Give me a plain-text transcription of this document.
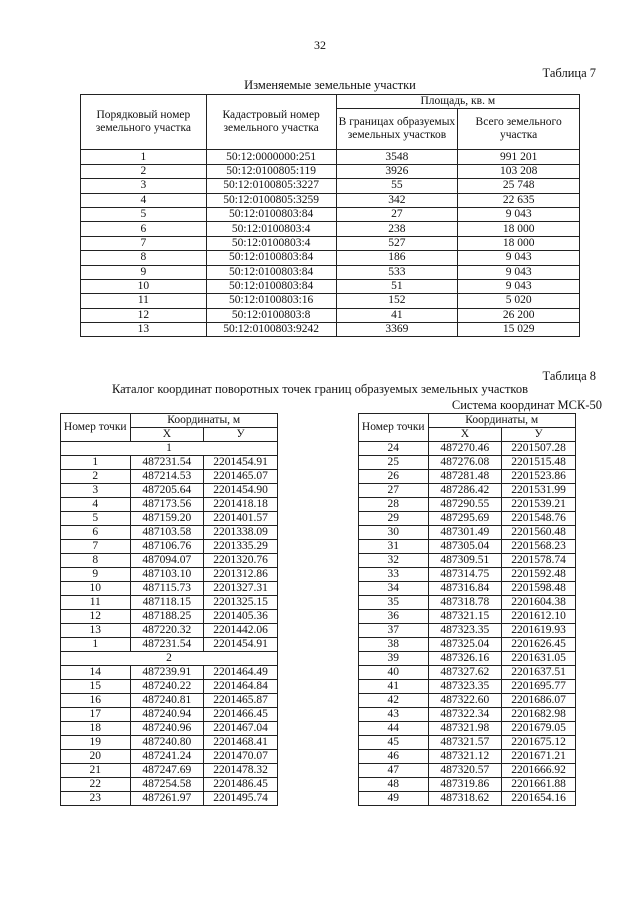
32
Таблица 7
Изменяемые земельные участки
Порядковый номер земельного участка	Кадастровый номер земельного участка	Площадь, кв. м	
		В границах образуемых земельных участков	Всего земельного участка
1	50:12:0000000:251	3548	991 201
2	50:12:0100805:119	3926	103 208
3	50:12:0100805:3227	55	25 748
4	50:12:0100805:3259	342	22 635
5	50:12:0100803:84	27	9 043
6	50:12:0100803:4	238	18 000
7	50:12:0100803:4	527	18 000
8	50:12:0100803:84	186	9 043
9	50:12:0100803:84	533	9 043
10	50:12:0100803:84	51	9 043
11	50:12:0100803:16	152	5 020
12	50:12:0100803:8	41	26 200
13	50:12:0100803:9242	3369	15 029
Таблица 8
Каталог координат поворотных точек границ образуемых земельных участков
Система координат МСК-50
Номер точки	Координаты, м	
	X	У
1		
1	487231.54	2201454.91
2	487214.53	2201465.07
3	487205.64	2201454.90
4	487173.56	2201418.18
5	487159.20	2201401.57
6	487103.58	2201338.09
7	487106.76	2201335.29
8	487094.07	2201320.76
9	487103.10	2201312.86
10	487115.73	2201327.31
11	487118.15	2201325.15
12	487188.25	2201405.36
13	487220.32	2201442.06
1	487231.54	2201454.91
2		
14	487239.91	2201464.49
15	487240.22	2201464.84
16	487240.81	2201465.87
17	487240.94	2201466.45
18	487240.96	2201467.04
19	487240.80	2201468.41
20	487241.24	2201470.07
21	487247.69	2201478.32
22	487254.58	2201486.45
23	487261.97	2201495.74
Номер точки	Координаты, м	
	X	У
24	487270.46	2201507.28
25	487276.08	2201515.48
26	487281.48	2201523.86
27	487286.42	2201531.99
28	487290.55	2201539.21
29	487295.69	2201548.76
30	487301.49	2201560.48
31	487305.04	2201568.23
32	487309.51	2201578.74
33	487314.75	2201592.48
34	487316.84	2201598.48
35	487318.78	2201604.38
36	487321.15	2201612.10
37	487323.35	2201619.93
38	487325.04	2201626.45
39	487326.16	2201631.05
40	487327.62	2201637.51
41	487323.35	2201695.77
42	487322.60	2201686.07
43	487322.34	2201682.98
44	487321.98	2201679.05
45	487321.57	2201675.12
46	487321.12	2201671.21
47	487320.57	2201666.92
48	487319.86	2201661.88
49	487318.62	2201654.16
